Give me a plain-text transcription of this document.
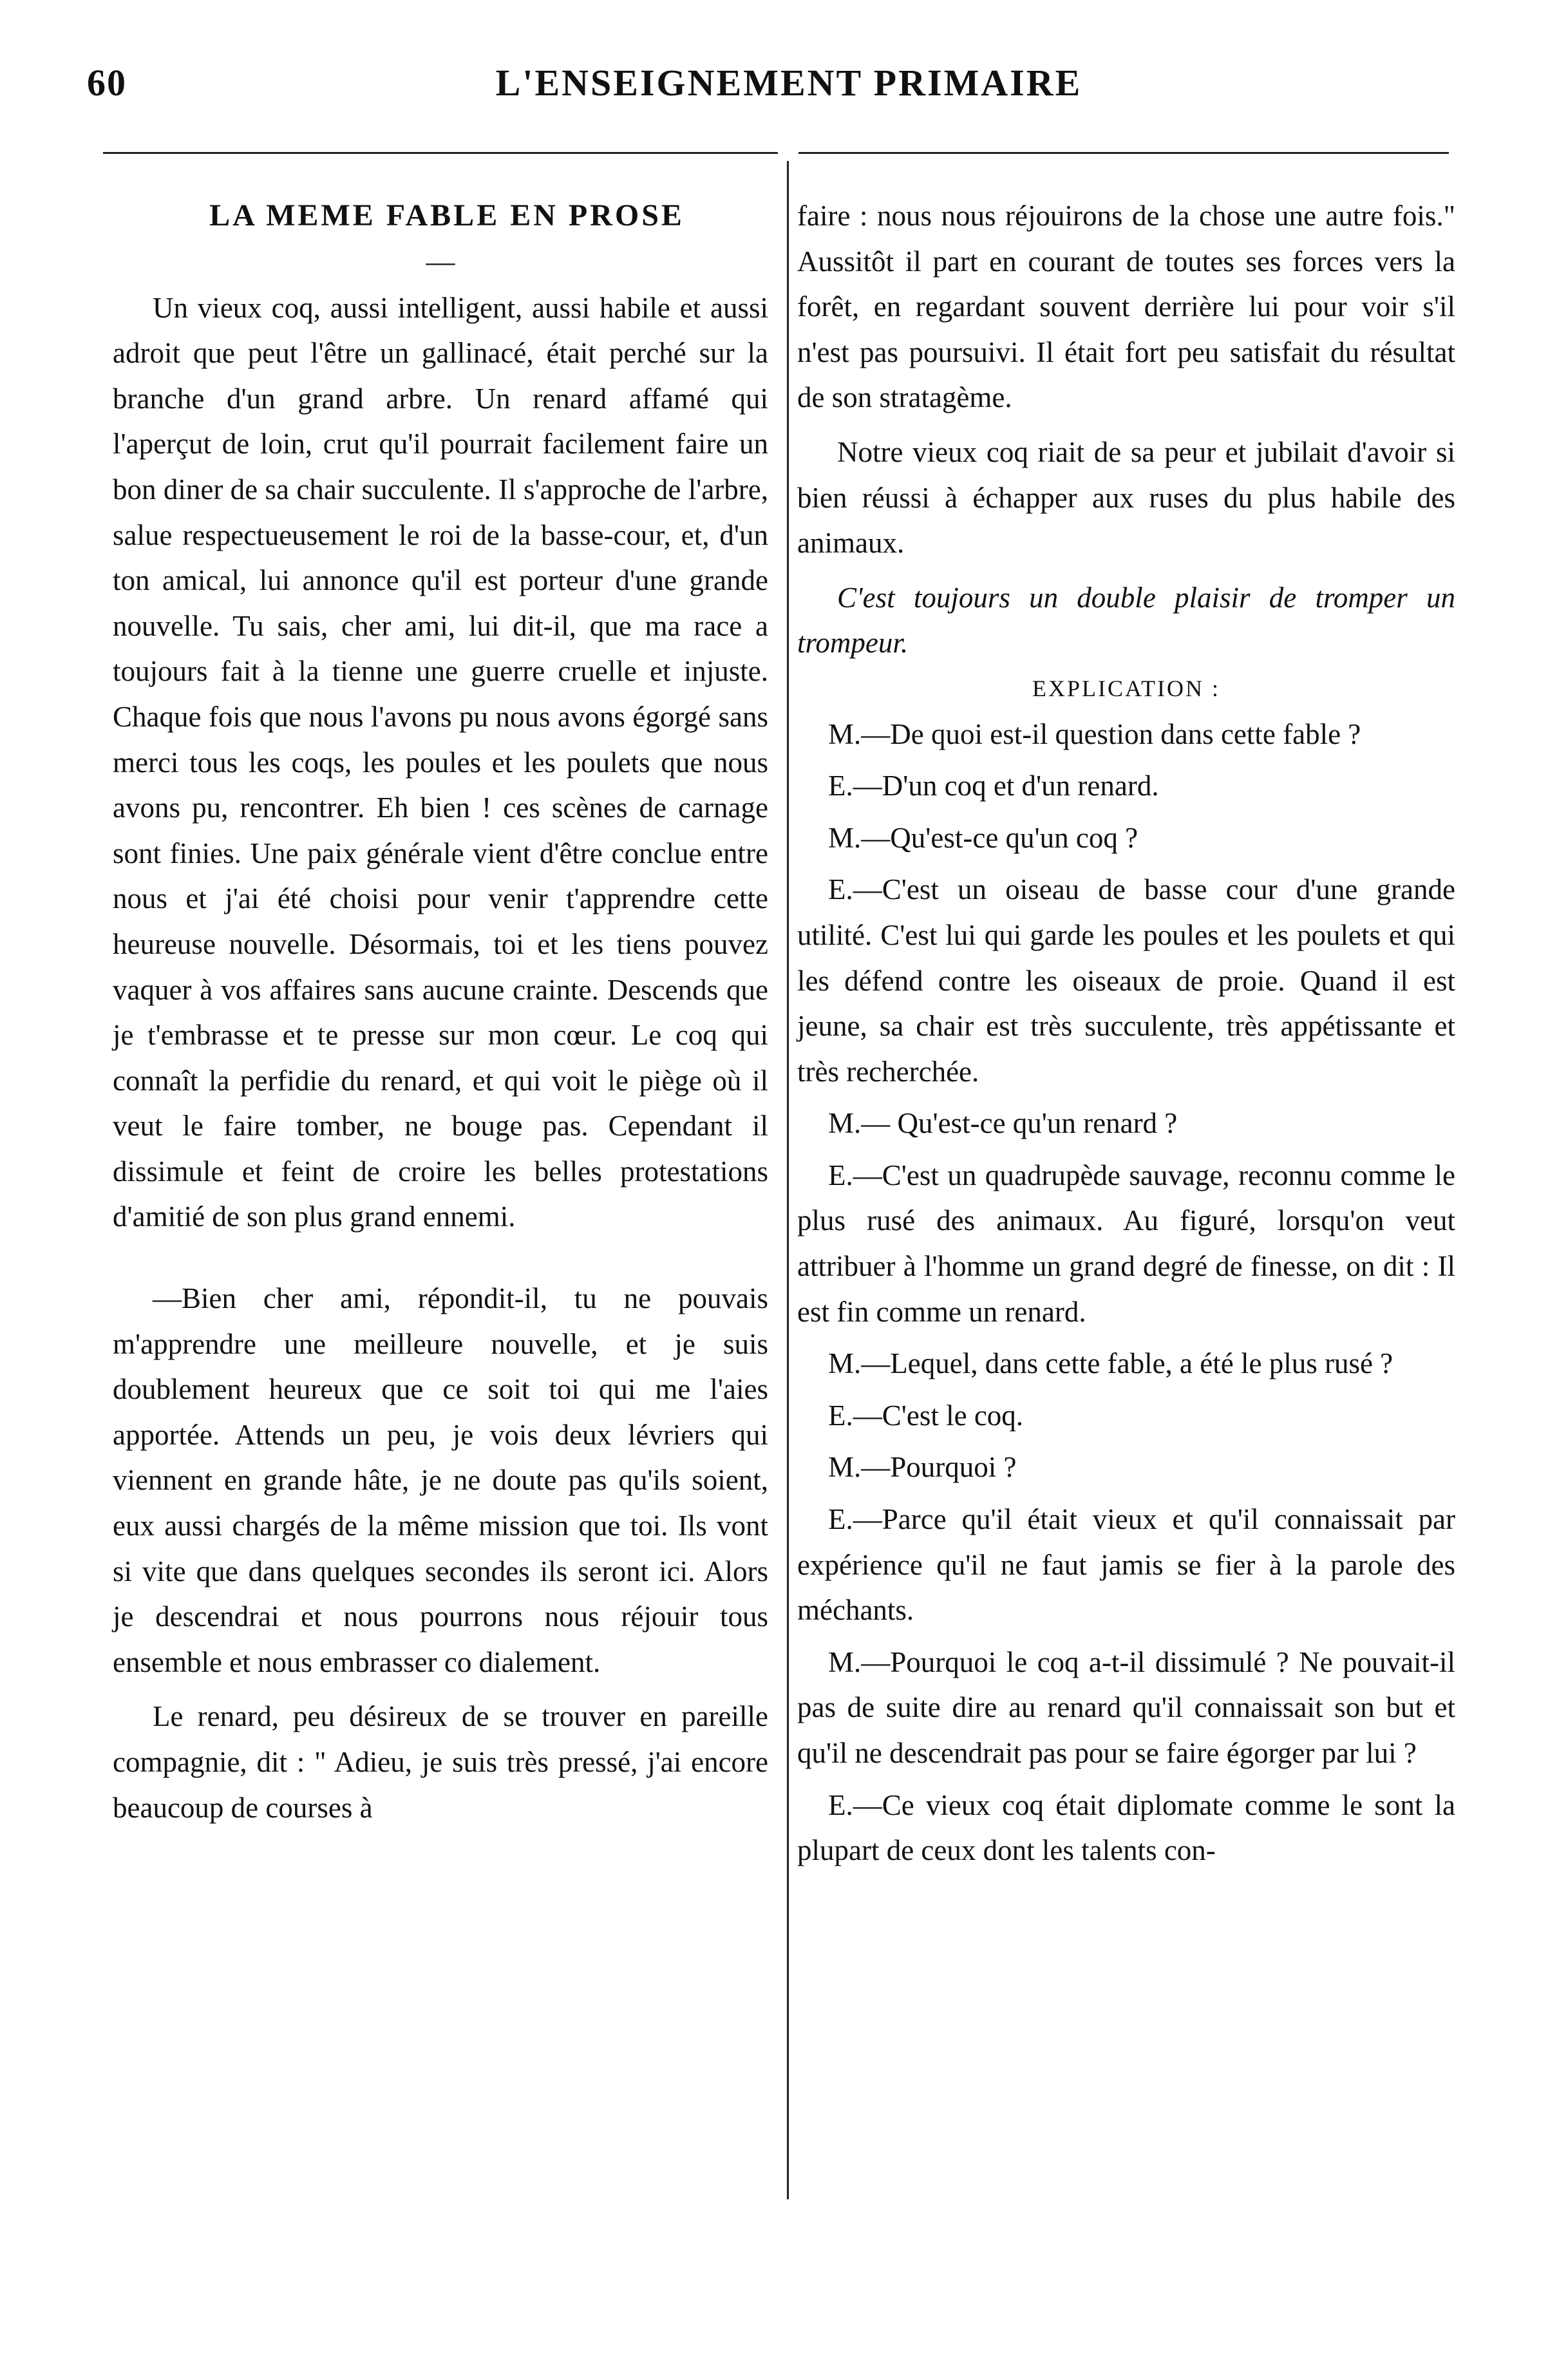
60	L'ENSEIGNEMENT PRIMAIRE

LA MEME FABLE EN PROSE

—

Un vieux coq, aussi intelligent, aussi habile et aussi adroit que peut l'être un gallinacé, était perché sur la branche d'un grand arbre. Un renard affamé qui l'aperçut de loin, crut qu'il pourrait facilement faire un bon diner de sa chair succulente. Il s'approche de l'arbre, salue respectueusement le roi de la basse-cour, et, d'un ton amical, lui annonce qu'il est porteur d'une grande nouvelle. Tu sais, cher ami, lui dit-il, que ma race a toujours fait à la tienne une guerre cruelle et injuste. Chaque fois que nous l'avons pu nous avons égorgé sans merci tous les coqs, les poules et les poulets que nous avons pu, rencontrer. Eh bien ! ces scènes de carnage sont finies. Une paix générale vient d'être conclue entre nous et j'ai été choisi pour venir t'apprendre cette heureuse nouvelle. Désormais, toi et les tiens pouvez vaquer à vos affaires sans aucune crainte. Descends que je t'embrasse et te presse sur mon cœur. Le coq qui connaît la perfidie du renard, et qui voit le piège où il veut le faire tomber, ne bouge pas. Cependant il dissimule et feint de croire les belles protestations d'amitié de son plus grand ennemi.

—Bien cher ami, répondit-il, tu ne pouvais m'apprendre une meilleure nouvelle, et je suis doublement heureux que ce soit toi qui me l'aies apportée. Attends un peu, je vois deux lévriers qui viennent en grande hâte, je ne doute pas qu'ils soient, eux aussi chargés de la même mission que toi. Ils vont si vite que dans quelques secondes ils seront ici. Alors je descendrai et nous pourrons nous réjouir tous ensemble et nous embrasser co dialement.

Le renard, peu désireux de se trouver en pareille compagnie, dit : " Adieu, je suis très pressé, j'ai encore beaucoup de courses à

faire : nous nous réjouirons de la chose une autre fois." Aussitôt il part en courant de toutes ses forces vers la forêt, en regardant souvent derrière lui pour voir s'il n'est pas poursuivi. Il était fort peu satisfait du résultat de son stratagème.

Notre vieux coq riait de sa peur et jubilait d'avoir si bien réussi à échapper aux ruses du plus habile des animaux.

C'est toujours un double plaisir de tromper un trompeur.

EXPLICATION :

M.—De quoi est-il question dans cette fable ?

E.—D'un coq et d'un renard.

M.—Qu'est-ce qu'un coq ?

E.—C'est un oiseau de basse cour d'une grande utilité. C'est lui qui garde les poules et les poulets et qui les défend contre les oiseaux de proie. Quand il est jeune, sa chair est très succulente, très appétissante et très recherchée.

M.— Qu'est-ce qu'un renard ?

E.—C'est un quadrupède sauvage, reconnu comme le plus rusé des animaux. Au figuré, lorsqu'on veut attribuer à l'homme un grand degré de finesse, on dit : Il est fin comme un renard.

M.—Lequel, dans cette fable, a été le plus rusé ?

E.—C'est le coq.

M.—Pourquoi ?

E.—Parce qu'il était vieux et qu'il connaissait par expérience qu'il ne faut jamis se fier à la parole des méchants.

M.—Pourquoi le coq a-t-il dissimulé ? Ne pouvait-il pas de suite dire au renard qu'il connaissait son but et qu'il ne descendrait pas pour se faire égorger par lui ?

E.—Ce vieux coq était diplomate comme le sont la plupart de ceux dont les talents con-
